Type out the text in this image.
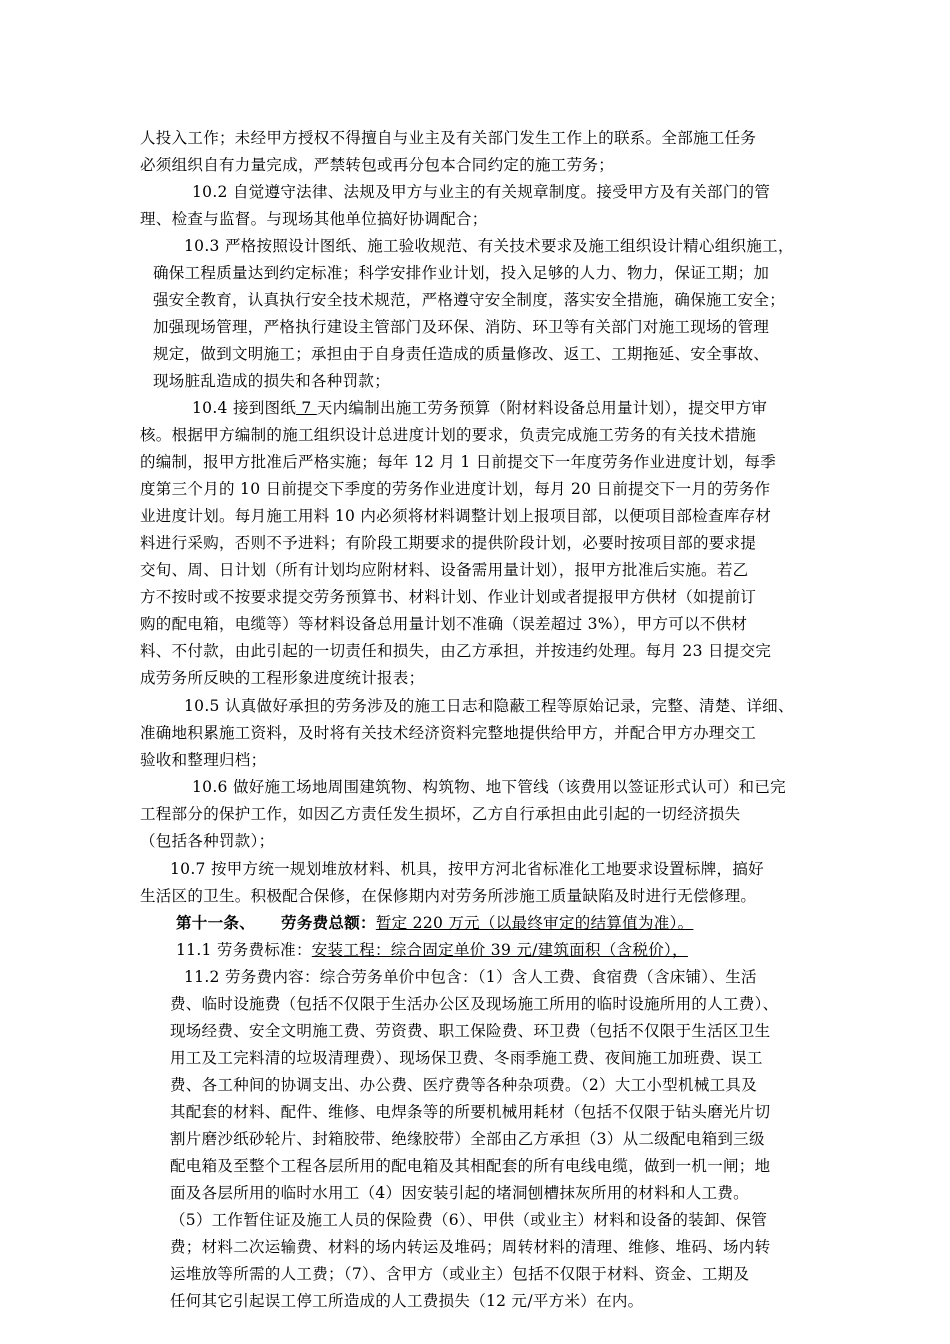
人投入工作；未经甲方授权不得擅自与业主及有关部门发生工作上的联系。全部施工任务
必须组织自有力量完成，严禁转包或再分包本合同约定的施工劳务；
10.2 自觉遵守法律、法规及甲方与业主的有关规章制度。接受甲方及有关部门的管
理、检查与监督。与现场其他单位搞好协调配合；
10.3 严格按照设计图纸、施工验收规范、有关技术要求及施工组织设计精心组织施工，
确保工程质量达到约定标准；科学安排作业计划，投入足够的人力、物力，保证工期；加
强安全教育，认真执行安全技术规范，严格遵守安全制度，落实安全措施，确保施工安全；
加强现场管理，严格执行建设主管部门及环保、消防、环卫等有关部门对施工现场的管理
规定，做到文明施工；承担由于自身责任造成的质量修改、返工、工期拖延、安全事故、
现场脏乱造成的损失和各种罚款；
10.4 接到图纸 7 天内编制出施工劳务预算（附材料设备总用量计划），提交甲方审
核。根据甲方编制的施工组织设计总进度计划的要求，负责完成施工劳务的有关技术措施
的编制，报甲方批准后严格实施；每年 12 月 1 日前提交下一年度劳务作业进度计划，每季
度第三个月的 10 日前提交下季度的劳务作业进度计划，每月 20 日前提交下一月的劳务作
业进度计划。每月施工用料 10 内必须将材料调整计划上报项目部，以便项目部检查库存材
料进行采购，否则不予进料；有阶段工期要求的提供阶段计划，必要时按项目部的要求提
交旬、周、日计划（所有计划均应附材料、设备需用量计划），报甲方批准后实施。若乙
方不按时或不按要求提交劳务预算书、材料计划、作业计划或者提报甲方供材（如提前订
购的配电箱，电缆等）等材料设备总用量计划不准确（误差超过 3%），甲方可以不供材
料、不付款，由此引起的一切责任和损失，由乙方承担，并按违约处理。每月 23 日提交完
成劳务所反映的工程形象进度统计报表；
10.5 认真做好承担的劳务涉及的施工日志和隐蔽工程等原始记录，完整、清楚、详细、
准确地积累施工资料，及时将有关技术经济资料完整地提供给甲方，并配合甲方办理交工
验收和整理归档；
10.6 做好施工场地周围建筑物、构筑物、地下管线（该费用以签证形式认可）和已完
工程部分的保护工作，如因乙方责任发生损坏，乙方自行承担由此引起的一切经济损失
（包括各种罚款）；
10.7 按甲方统一规划堆放材料、机具，按甲方河北省标准化工地要求设置标牌，搞好
生活区的卫生。积极配合保修，在保修期内对劳务所涉施工质量缺陷及时进行无偿修理。
第十一条、 劳务费总额：暂定 220 万元（以最终审定的结算值为准）。
11.1 劳务费标准：安装工程：综合固定单价 39 元/建筑面积（含税价），
11.2 劳务费内容：综合劳务单价中包含：（1）含人工费、食宿费（含床铺）、生活
费、临时设施费（包括不仅限于生活办公区及现场施工所用的临时设施所用的人工费）、
现场经费、安全文明施工费、劳资费、职工保险费、环卫费（包括不仅限于生活区卫生
用工及工完料清的垃圾清理费）、现场保卫费、冬雨季施工费、夜间施工加班费、误工
费、各工种间的协调支出、办公费、医疗费等各种杂项费。（2）大工小型机械工具及
其配套的材料、配件、维修、电焊条等的所要机械用耗材（包括不仅限于钻头磨光片切
割片磨沙纸砂轮片、封箱胶带、绝缘胶带）全部由乙方承担（3）从二级配电箱到三级
配电箱及至整个工程各层所用的配电箱及其相配套的所有电线电缆，做到一机一闸；地
面及各层所用的临时水用工（4）因安装引起的堵洞刨槽抹灰所用的材料和人工费。
（5）工作暂住证及施工人员的保险费（6）、甲供（或业主）材料和设备的装卸、保管
费；材料二次运输费、材料的场内转运及堆码；周转材料的清理、维修、堆码、场内转
运堆放等所需的人工费；（7）、含甲方（或业主）包括不仅限于材料、资金、工期及
任何其它引起误工停工所造成的人工费损失（12 元/平方米）在内。
